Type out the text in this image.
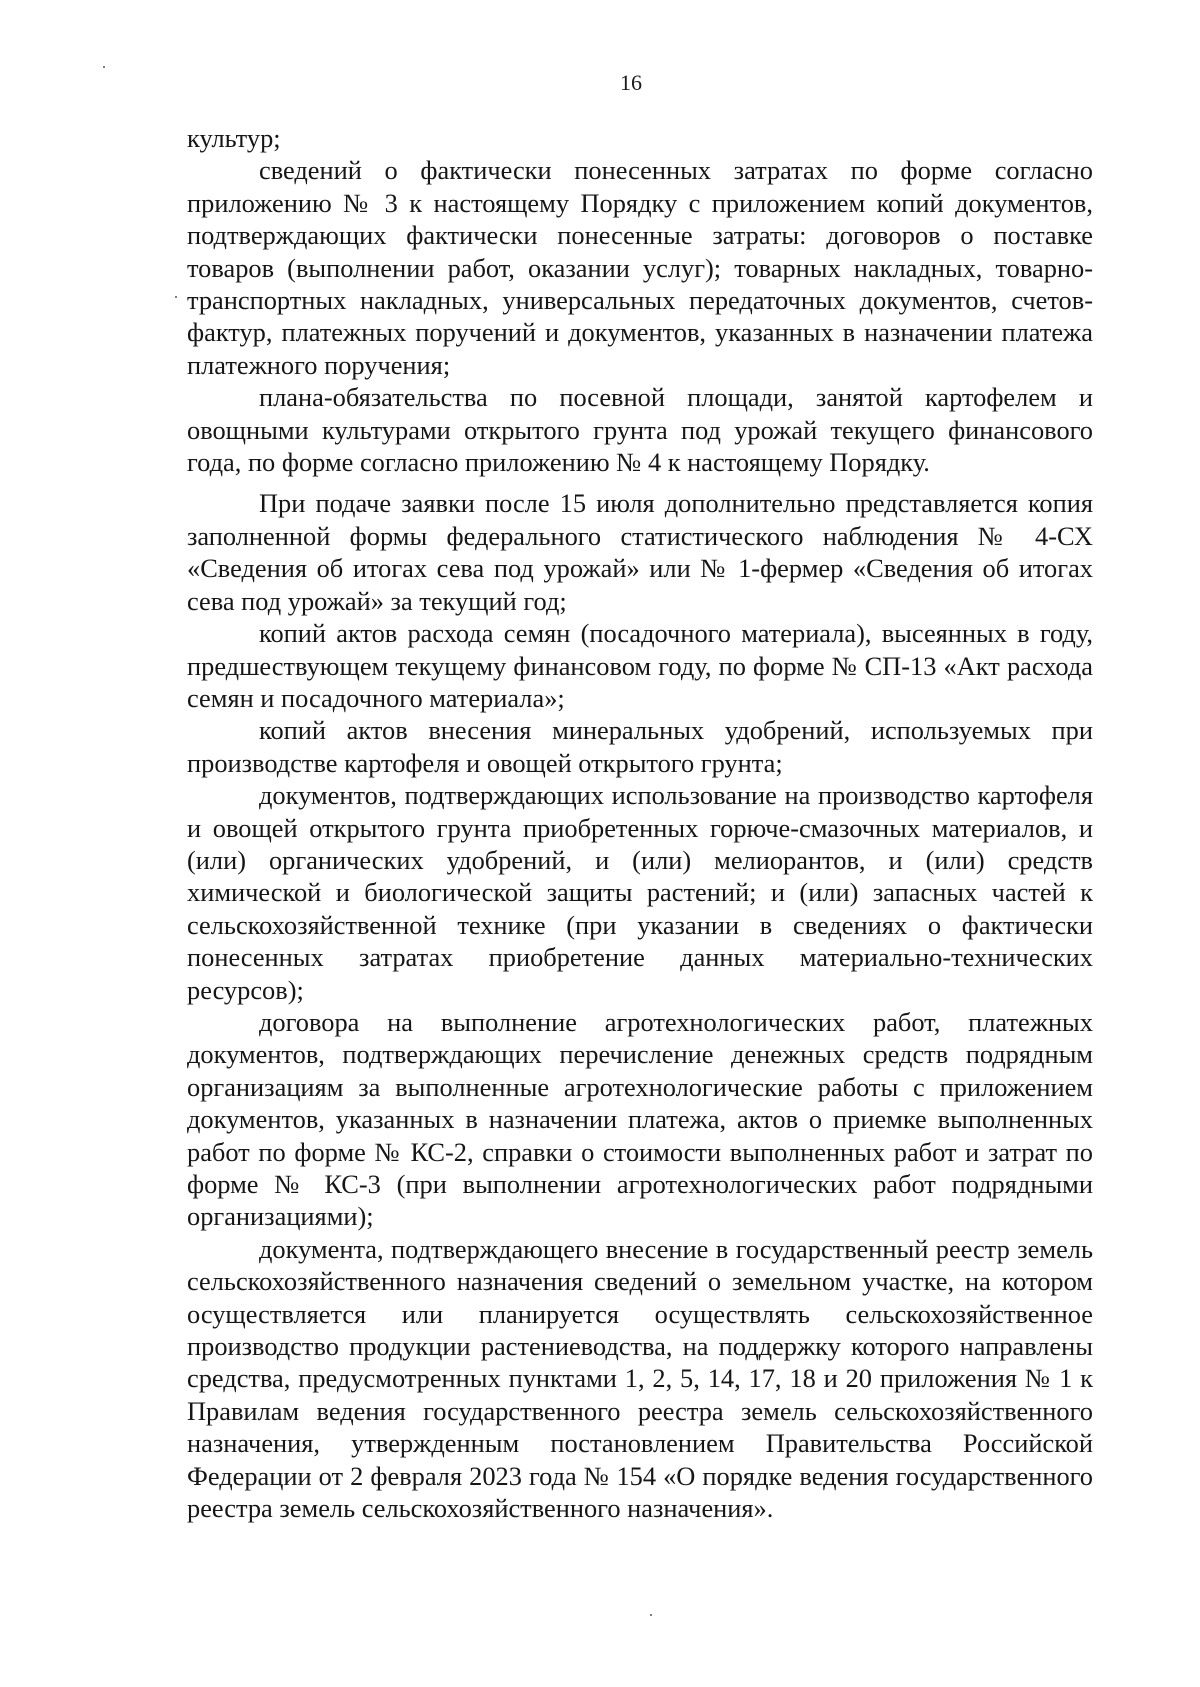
16

культур;

сведений о фактически понесенных затратах по форме согласно приложению № 3 к настоящему Порядку с приложением копий документов, подтверждающих фактически понесенные затраты: договоров о поставке товаров (выполнении работ, оказании услуг); товарных накладных, товарно-транспортных накладных, универсальных передаточных документов, счетов-фактур, платежных поручений и документов, указанных в назначении платежа платежного поручения;

плана-обязательства по посевной площади, занятой картофелем и овощными культурами открытого грунта под урожай текущего финансового года, по форме согласно приложению № 4 к настоящему Порядку.

При подаче заявки после 15 июля дополнительно представляется копия заполненной формы федерального статистического наблюдения № 4-СХ «Сведения об итогах сева под урожай» или № 1-фермер «Сведения об итогах сева под урожай» за текущий год;

копий актов расхода семян (посадочного материала), высеянных в году, предшествующем текущему финансовом году, по форме № СП-13 «Акт расхода семян и посадочного материала»;

копий актов внесения минеральных удобрений, используемых при производстве картофеля и овощей открытого грунта;

документов, подтверждающих использование на производство картофеля и овощей открытого грунта приобретенных горюче-смазочных материалов, и (или) органических удобрений, и (или) мелиорантов, и (или) средств химической и биологической защиты растений; и (или) запасных частей к сельскохозяйственной технике (при указании в сведениях о фактически понесенных затратах приобретение данных материально-технических ресурсов);

договора на выполнение агротехнологических работ, платежных документов, подтверждающих перечисление денежных средств подрядным организациям за выполненные агротехнологические работы с приложением документов, указанных в назначении платежа, актов о приемке выполненных работ по форме № КС-2, справки о стоимости выполненных работ и затрат по форме № КС-3 (при выполнении агротехнологических работ подрядными организациями);

документа, подтверждающего внесение в государственный реестр земель сельскохозяйственного назначения сведений о земельном участке, на котором осуществляется или планируется осуществлять сельскохозяйственное производство продукции растениеводства, на поддержку которого направлены средства, предусмотренных пунктами 1, 2, 5, 14, 17, 18 и 20 приложения № 1 к Правилам ведения государственного реестра земель сельскохозяйственного назначения, утвержденным постановлением Правительства Российской Федерации от 2 февраля 2023 года № 154 «О порядке ведения государственного реестра земель сельскохозяйственного назначения».
